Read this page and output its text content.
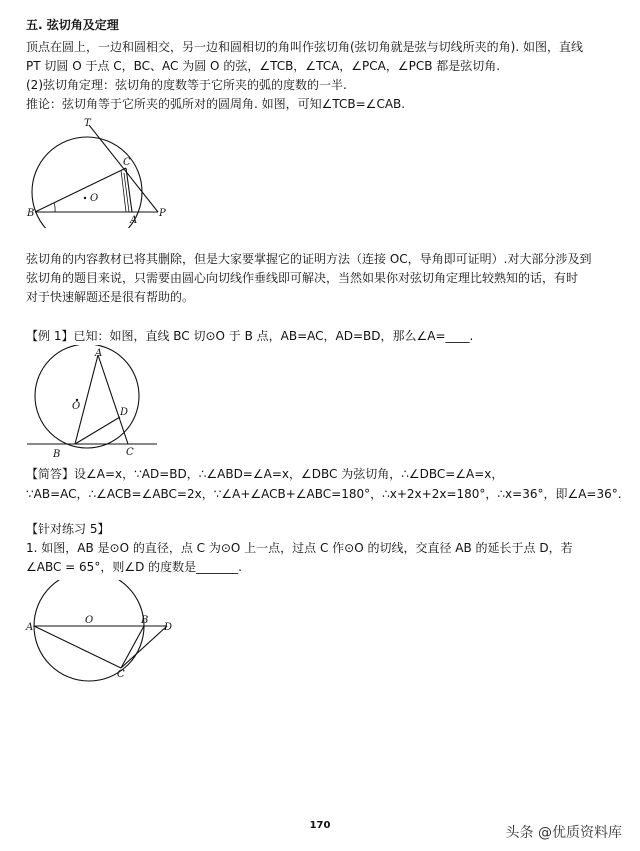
五. 弦切角及定理
顶点在圆上，一边和圆相交，另一边和圆相切的角叫作弦切角(弦切角就是弦与切线所夹的角). 如图，直线
PT 切圆 O 于点 C，BC、AC 为圆 O 的弦，∠TCB，∠TCA，∠PCA，∠PCB 都是弦切角.
(2)弦切角定理：弦切角的度数等于它所夹的弧的度数的一半.
推论：弦切角等于它所夹的弧所对的圆周角. 如图，可知∠TCB=∠CAB.
T
C
O
B
A
P
弦切角的内容教材已将其删除，但是大家要掌握它的证明方法（连接 OC，导角即可证明）.对大部分涉及到
弦切角的题目来说，只需要由圆心向切线作垂线即可解决，当然如果你对弦切角定理比较熟知的话，有时
对于快速解题还是很有帮助的。
【例 1】已知：如图，直线 BC 切⊙O 于 B 点，AB=AC，AD=BD，那么∠A=____.
A
O
D
B	C
【简答】设∠A=x，∵AD=BD，∴∠ABD=∠A=x，∠DBC 为弦切角，∴∠DBC=∠A=x，
∵AB=AC，∴∠ACB=∠ABC=2x，∵∠A+∠ACB+∠ABC=180°，∴x+2x+2x=180°，∴x=36°，即∠A=36°.
【针对练习 5】
1. 如图，AB 是⊙O 的直径，点 C 为⊙O 上一点，过点 C 作⊙O 的切线，交直径 AB 的延长于点 D，若
∠ABC = 65°，则∠D 的度数是_______.
A
O	B
D
C
170	头条 @优质资料库
